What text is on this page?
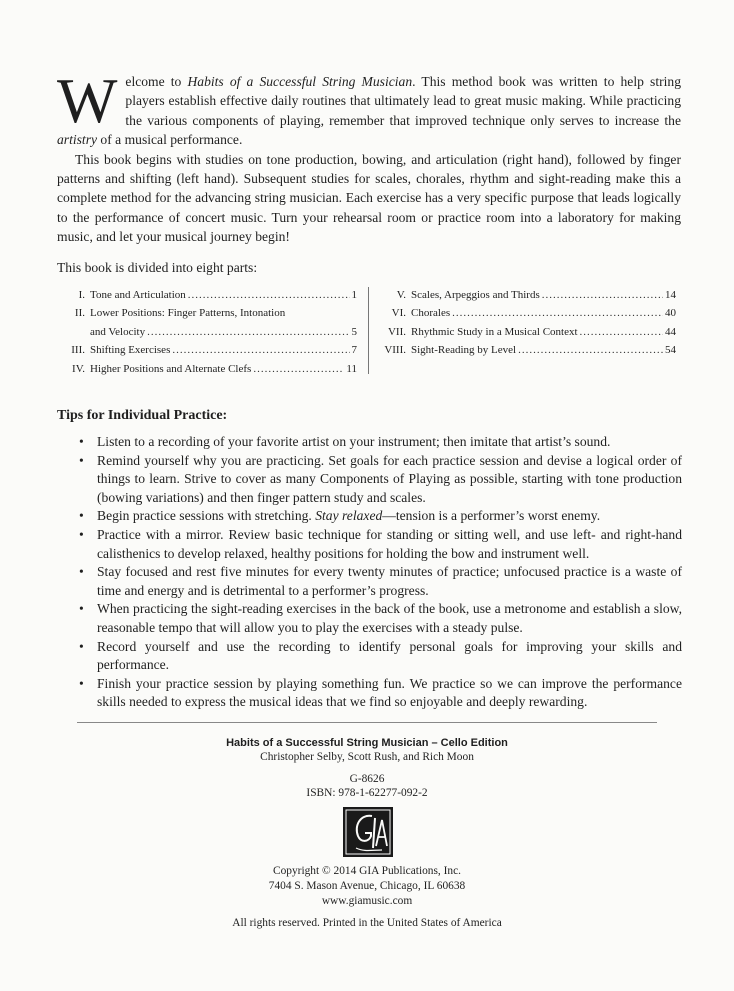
Welcome to Habits of a Successful String Musician. This method book was written to help string players establish effective daily routines that ultimately lead to great music making. While practicing the various components of playing, remember that improved technique only serves to increase the artistry of a musical performance.

This book begins with studies on tone production, bowing, and articulation (right hand), followed by finger patterns and shifting (left hand). Subsequent studies for scales, chorales, rhythm and sight-reading make this a complete method for the advancing string musician. Each exercise has a very specific purpose that leads logically to the performance of concert music. Turn your rehearsal room or practice room into a laboratory for making music, and let your musical journey begin!

This book is divided into eight parts:
I. Tone and Articulation .....	1
II. Lower Positions: Finger Patterns, Intonation
and Velocity .....	5
III. Shifting Exercises .....	7
IV. Higher Positions and Alternate Clefs .....	11
V. Scales, Arpeggios and Thirds .....	14
VI. Chorales .....	40
VII. Rhythmic Study in a Musical Context .....	44
VIII. Sight-Reading by Level .....	54
Tips for Individual Practice:
• Listen to a recording of your favorite artist on your instrument; then imitate that artist’s sound.
• Remind yourself why you are practicing. Set goals for each practice session and devise a logical order of things to learn. Strive to cover as many Components of Playing as possible, starting with tone production (bowing variations) and then finger pattern study and scales.
• Begin practice sessions with stretching. Stay relaxed—tension is a performer’s worst enemy.
• Practice with a mirror. Review basic technique for standing or sitting well, and use left- and right-hand calisthenics to develop relaxed, healthy positions for holding the bow and instrument well.
• Stay focused and rest five minutes for every twenty minutes of practice; unfocused practice is a waste of time and energy and is detrimental to a performer’s progress.
• When practicing the sight-reading exercises in the back of the book, use a metronome and establish a slow, reasonable tempo that will allow you to play the exercises with a steady pulse.
• Record yourself and use the recording to identify personal goals for improving your skills and performance.
• Finish your practice session by playing something fun. We practice so we can improve the performance skills needed to express the musical ideas that we find so enjoyable and deeply rewarding.
Habits of a Successful String Musician – Cello Edition
Christopher Selby, Scott Rush, and Rich Moon
G-8626
ISBN: 978-1-62277-092-2
Copyright © 2014 GIA Publications, Inc.
7404 S. Mason Avenue, Chicago, IL 60638
www.giamusic.com
All rights reserved. Printed in the United States of America
